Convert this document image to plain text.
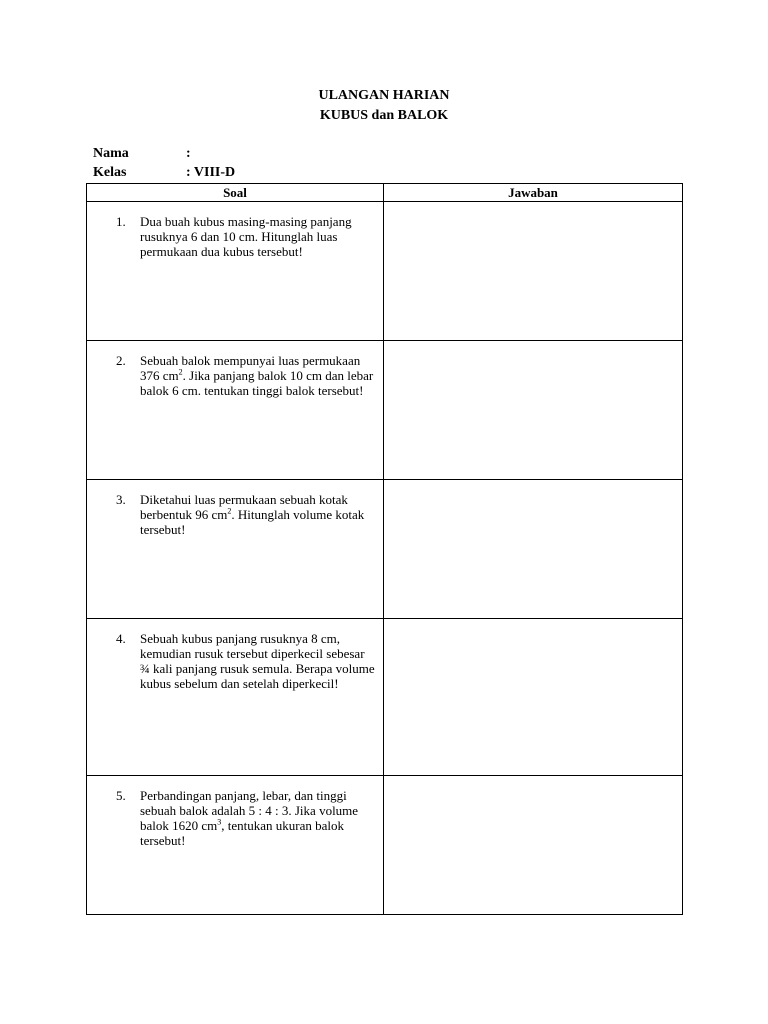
ULANGAN HARIAN
KUBUS dan BALOK
Nama	:
Kelas	: VIII-D
Soal	Jawaban

1. Dua buah kubus masing-masing panjang rusuknya 6 dan 10 cm. Hitunglah luas permukaan dua kubus tersebut!	

2. Sebuah balok mempunyai luas permukaan 376 $cm^2$. Jika panjang balok 10 cm dan lebar balok 6 cm. tentukan tinggi balok tersebut!	

3. Diketahui luas permukaan sebuah kotak berbentuk 96 $cm^2$. Hitunglah volume kotak tersebut!	

4. Sebuah kubus panjang rusuknya 8 cm, kemudian rusuk tersebut diperkecil sebesar ¾ kali panjang rusuk semula. Berapa volume kubus sebelum dan setelah diperkecil!	

5. Perbandingan panjang, lebar, dan tinggi sebuah balok adalah 5 : 4 : 3. Jika volume balok 1620 $cm^3$, tentukan ukuran balok tersebut!	
